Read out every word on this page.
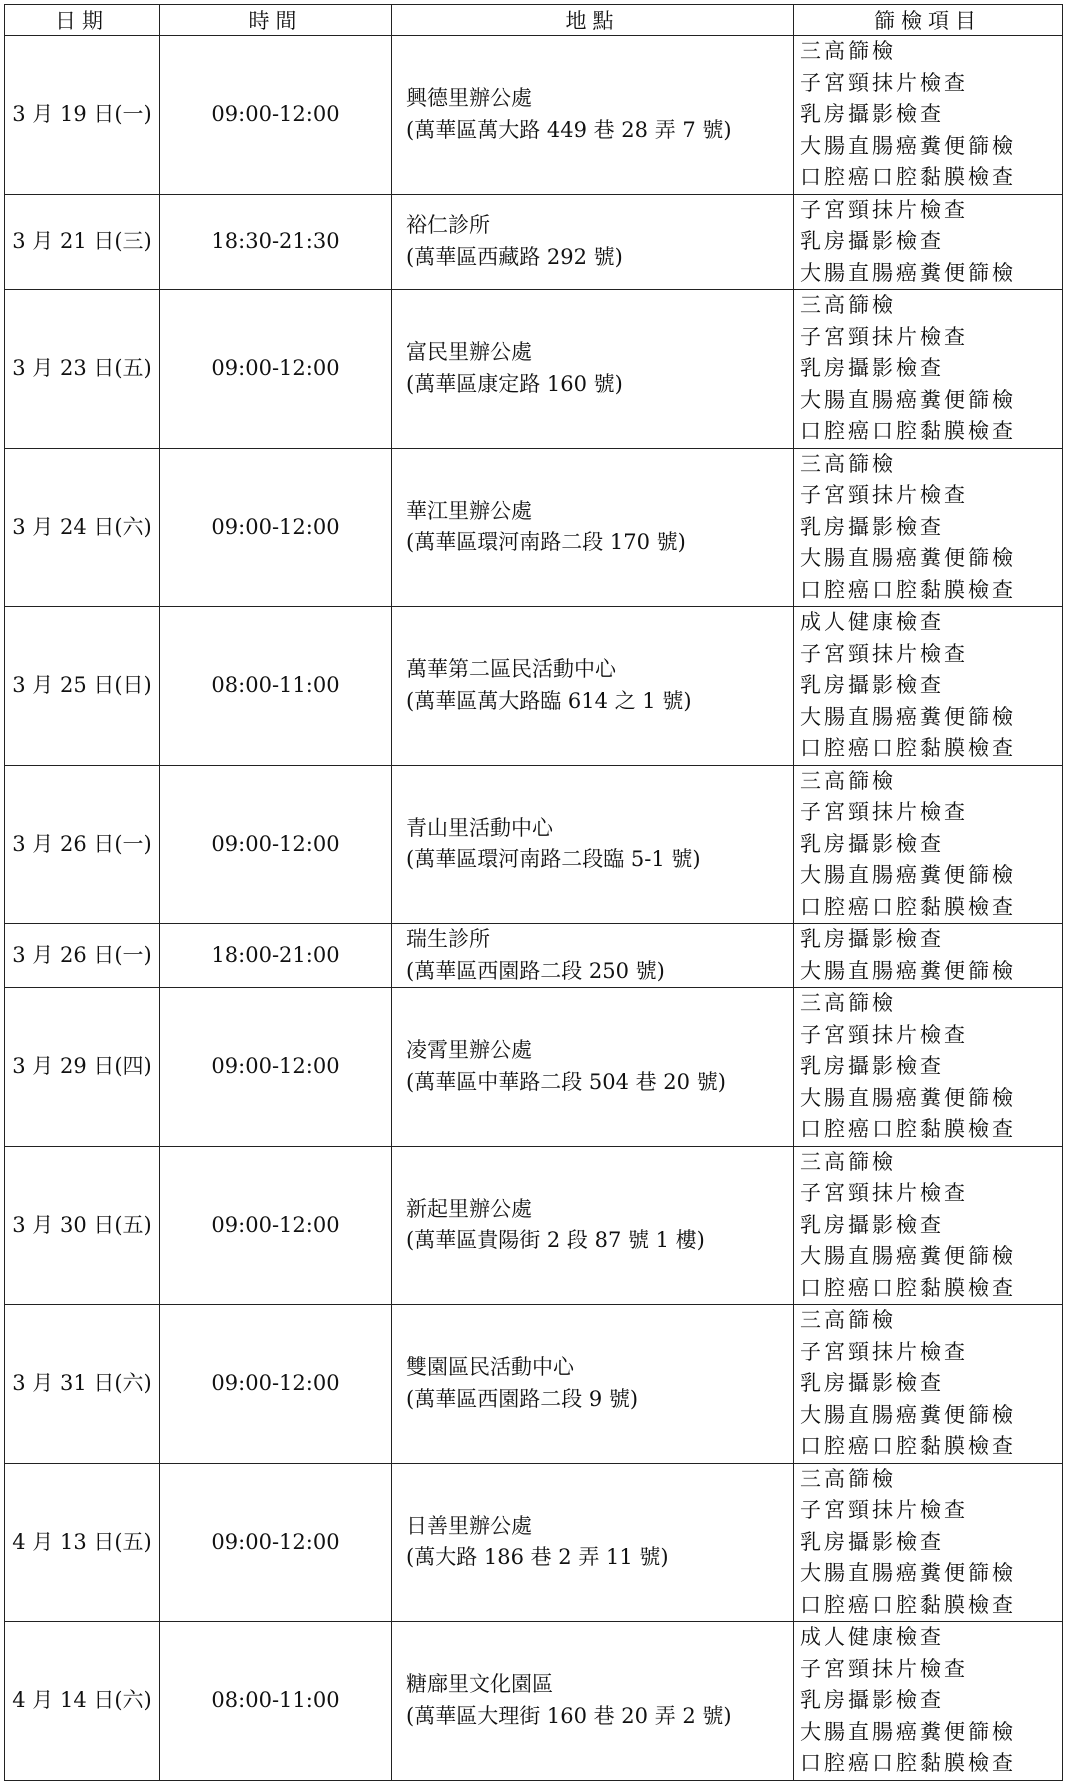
日期	時間	地點	篩檢項目
3 月 19 日(一)	09:00-12:00	興德里辦公處
(萬華區萬大路 449 巷 28 弄 7 號)	三高篩檢
子宮頸抹片檢查
乳房攝影檢查
大腸直腸癌糞便篩檢
口腔癌口腔黏膜檢查

3 月 21 日(三)	18:30-21:30	裕仁診所
(萬華區西藏路 292 號)	子宮頸抹片檢查
乳房攝影檢查
大腸直腸癌糞便篩檢

3 月 23 日(五)	09:00-12:00	富民里辦公處
(萬華區康定路 160 號)	三高篩檢
子宮頸抹片檢查
乳房攝影檢查
大腸直腸癌糞便篩檢
口腔癌口腔黏膜檢查

3 月 24 日(六)	09:00-12:00	華江里辦公處
(萬華區環河南路二段 170 號)	三高篩檢
子宮頸抹片檢查
乳房攝影檢查
大腸直腸癌糞便篩檢
口腔癌口腔黏膜檢查

3 月 25 日(日)	08:00-11:00	萬華第二區民活動中心
(萬華區萬大路臨 614 之 1 號)	成人健康檢查
子宮頸抹片檢查
乳房攝影檢查
大腸直腸癌糞便篩檢
口腔癌口腔黏膜檢查

3 月 26 日(一)	09:00-12:00	青山里活動中心
(萬華區環河南路二段臨 5-1 號)	三高篩檢
子宮頸抹片檢查
乳房攝影檢查
大腸直腸癌糞便篩檢
口腔癌口腔黏膜檢查

3 月 26 日(一)	18:00-21:00	瑞生診所
(萬華區西園路二段 250 號)	乳房攝影檢查
大腸直腸癌糞便篩檢

3 月 29 日(四)	09:00-12:00	凌霄里辦公處
(萬華區中華路二段 504 巷 20 號)	三高篩檢
子宮頸抹片檢查
乳房攝影檢查
大腸直腸癌糞便篩檢
口腔癌口腔黏膜檢查

3 月 30 日(五)	09:00-12:00	新起里辦公處
(萬華區貴陽街 2 段 87 號 1 樓)	三高篩檢
子宮頸抹片檢查
乳房攝影檢查
大腸直腸癌糞便篩檢
口腔癌口腔黏膜檢查

3 月 31 日(六)	09:00-12:00	雙園區民活動中心
(萬華區西園路二段 9 號)	三高篩檢
子宮頸抹片檢查
乳房攝影檢查
大腸直腸癌糞便篩檢
口腔癌口腔黏膜檢查

4 月 13 日(五)	09:00-12:00	日善里辦公處
(萬大路 186 巷 2 弄 11 號)	三高篩檢
子宮頸抹片檢查
乳房攝影檢查
大腸直腸癌糞便篩檢
口腔癌口腔黏膜檢查

4 月 14 日(六)	08:00-11:00	糖廍里文化園區
(萬華區大理街 160 巷 20 弄 2 號)	成人健康檢查
子宮頸抹片檢查
乳房攝影檢查
大腸直腸癌糞便篩檢
口腔癌口腔黏膜檢查
